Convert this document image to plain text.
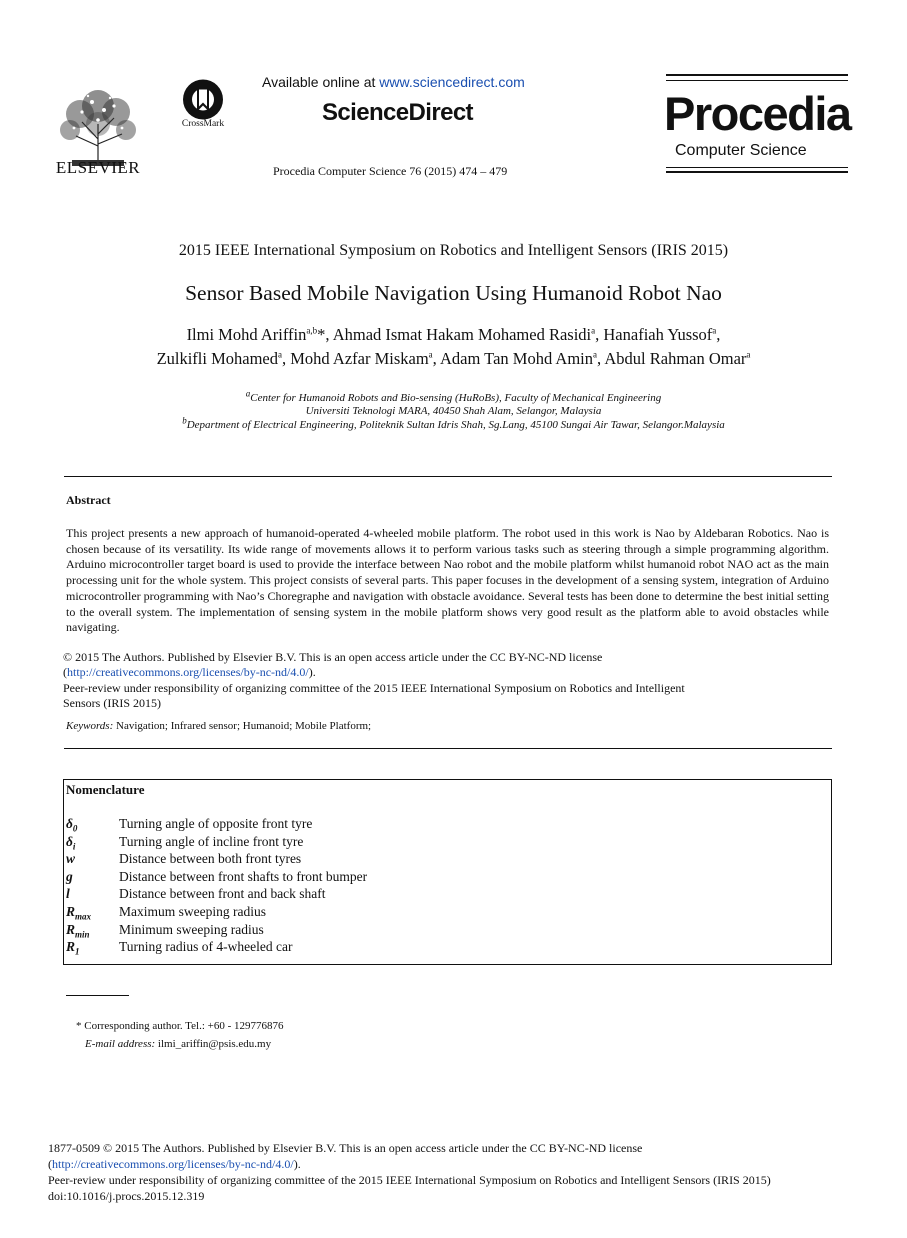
ELSEVIER
CrossMark
Available online at www.sciencedirect.com
ScienceDirect
Procedia Computer Science 76 (2015) 474 – 479
Procedia
Computer Science
2015 IEEE International Symposium on Robotics and Intelligent Sensors (IRIS 2015)
Sensor Based Mobile Navigation Using Humanoid Robot Nao
Ilmi Mohd Ariffin$^{a,b}$*, Ahmad Ismat Hakam Mohamed Rasidi$^a$, Hanafiah Yussof$^a$,
Zulkifli Mohamed$^a$, Mohd Azfar Miskam$^a$, Adam Tan Mohd Amin$^a$, Abdul Rahman Omar$^a$
$^a$Center for Humanoid Robots and Bio-sensing (HuRoBs), Faculty of Mechanical Engineering
Universiti Teknologi MARA, 40450 Shah Alam, Selangor, Malaysia
$^b$Department of Electrical Engineering, Politeknik Sultan Idris Shah, Sg.Lang, 45100 Sungai Air Tawar, Selangor.Malaysia
Abstract
This project presents a new approach of humanoid-operated 4-wheeled mobile platform. The robot used in this work is Nao by Aldebaran Robotics. Nao is chosen because of its versatility. Its wide range of movements allows it to perform various tasks such as steering through a simple programming algorithm. Arduino microcontroller target board is used to provide the interface between Nao robot and the mobile platform whilst humanoid robot NAO act as the main processing unit for the whole system. This project consists of several parts. This paper focuses in the development of a sensing system, integration of Arduino microcontroller programming with Nao’s Choregraphe and navigation with obstacle avoidance. Several tests has been done to determine the best initial setting to the overall system. The implementation of sensing system in the mobile platform shows very good result as the platform able to avoid obstacles while navigating.
© 2015 The Authors. Published by Elsevier B.V. This is an open access article under the CC BY-NC-ND license
(http://creativecommons.org/licenses/by-nc-nd/4.0/).
Peer-review under responsibility of organizing committee of the 2015 IEEE International Symposium on Robotics and Intelligent
Sensors (IRIS 2015)
Keywords: Navigation; Infrared sensor; Humanoid; Mobile Platform;
Nomenclature
$\delta_0$	Turning angle of opposite front tyre
$\delta_i$	Turning angle of incline front tyre
w	Distance between both front tyres
g	Distance between front shafts to front bumper
l	Distance between front and back shaft
$R_{max}$	Maximum sweeping radius
$R_{min}$	Minimum sweeping radius
$R_1$	Turning radius of 4-wheeled car
* Corresponding author. Tel.: +60 - 129776876
E-mail address: ilmi_ariffin@psis.edu.my
1877-0509 © 2015 The Authors. Published by Elsevier B.V. This is an open access article under the CC BY-NC-ND license
(http://creativecommons.org/licenses/by-nc-nd/4.0/).
Peer-review under responsibility of organizing committee of the 2015 IEEE International Symposium on Robotics and Intelligent Sensors (IRIS 2015)
doi:10.1016/j.procs.2015.12.319
